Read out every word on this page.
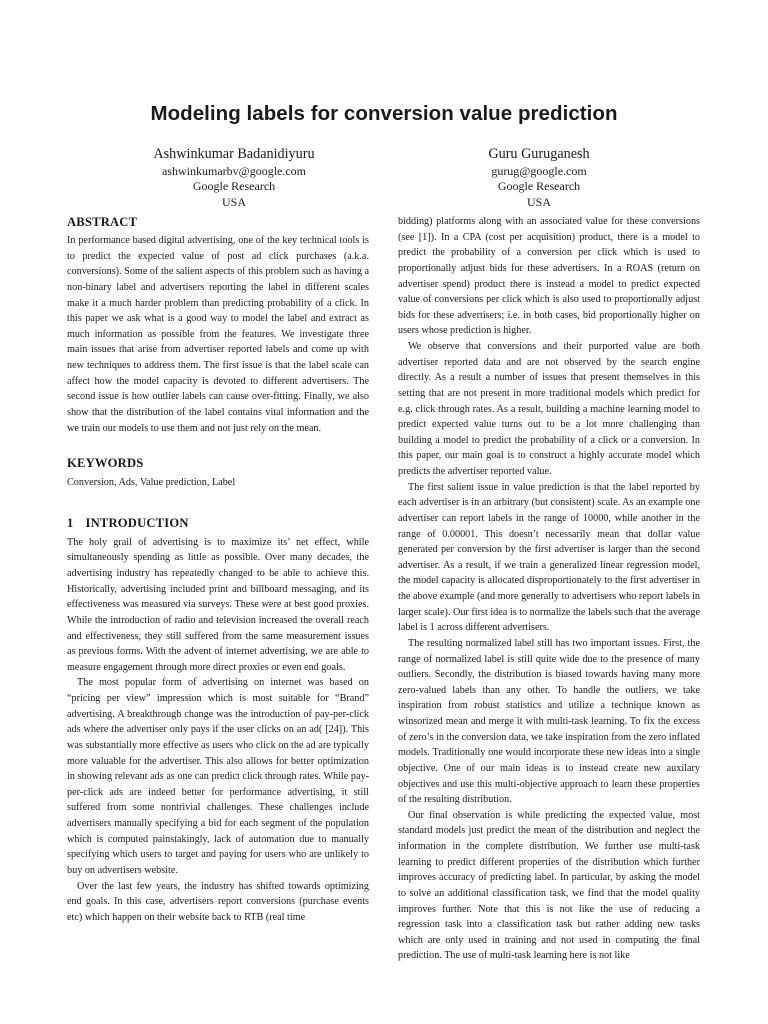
Modeling labels for conversion value prediction
Ashwinkumar Badanidiyuru
ashwinkumarbv@google.com
Google Research
USA
Guru Guruganesh
gurug@google.com
Google Research
USA
ABSTRACT

In performance based digital advertising, one of the key technical tools is to predict the expected value of post ad click purchases (a.k.a. conversions). Some of the salient aspects of this problem such as having a non-binary label and advertisers reporting the label in different scales make it a much harder problem than predicting probability of a click. In this paper we ask what is a good way to model the label and extract as much information as possible from the features. We investigate three main issues that arise from advertiser reported labels and come up with new techniques to address them. The first issue is that the label scale can affect how the model capacity is devoted to different advertisers. The second issue is how outlier labels can cause over-fitting. Finally, we also show that the distribution of the label contains vital information and the we train our models to use them and not just rely on the mean.

KEYWORDS

Conversion, Ads, Value prediction, Label

1 INTRODUCTION

The holy grail of advertising is to maximize its’ net effect, while simultaneously spending as little as possible. Over many decades, the advertising industry has repeatedly changed to be able to achieve this. Historically, advertising included print and billboard messaging, and its effectiveness was measured via surveys. These were at best good proxies. While the introduction of radio and television increased the overall reach and effectiveness, they still suffered from the same measurement issues as previous forms. With the advent of internet advertising, we are able to measure engagement through more direct proxies or even end goals.

The most popular form of advertising on internet was based on “pricing per view” impression which is most suitable for “Brand” advertising. A breakthrough change was the introduction of pay-per-click ads where the advertiser only pays if the user clicks on an ad( [24]). This was substantially more effective as users who click on the ad are typically more valuable for the advertiser. This also allows for better optimization in showing relevant ads as one can predict click through rates. While pay-per-click ads are indeed better for performance advertising, it still suffered from some nontrivial challenges. These challenges include advertisers manually specifying a bid for each segment of the population which is computed painstakingly, lack of automation due to manually specifying which users to target and paying for users who are unlikely to buy on advertisers website.

Over the last few years, the industry has shifted towards optimizing end goals. In this case, advertisers report conversions (purchase events etc) which happen on their website back to RTB (real time

bidding) platforms along with an associated value for these conversions (see [1]). In a CPA (cost per acquisition) product, there is a model to predict the probability of a conversion per click which is used to proportionally adjust bids for these advertisers. In a ROAS (return on advertiser spend) product there is instead a model to predict expected value of conversions per click which is also used to proportionally adjust bids for these advertisers; i.e. in both cases, bid proportionally higher on users whose prediction is higher.

We observe that conversions and their purported value are both advertiser reported data and are not observed by the search engine directly. As a result a number of issues that present themselves in this setting that are not present in more traditional models which predict for e.g. click through rates. As a result, building a machine learning model to predict expected value turns out to be a lot more challenging than building a model to predict the probability of a click or a conversion. In this paper, our main goal is to construct a highly accurate model which predicts the advertiser reported value.

The first salient issue in value prediction is that the label reported by each advertiser is in an arbitrary (but consistent) scale. As an example one advertiser can report labels in the range of 10000, while another in the range of 0.00001. This doesn’t necessarily mean that dollar value generated per conversion by the first advertiser is larger than the second advertiser. As a result, if we train a generalized linear regression model, the model capacity is allocated disproportionately to the first advertiser in the above example (and more generally to advertisers who report labels in larger scale). Our first idea is to normalize the labels such that the average label is 1 across different advertisers.

The resulting normalized label still has two important issues. First, the range of normalized label is still quite wide due to the presence of many outliers. Secondly, the distribution is biased towards having many more zero-valued labels than any other. To handle the outliers, we take inspiration from robust statistics and utilize a technique known as winsorized mean and merge it with multi-task learning. To fix the excess of zero’s in the conversion data, we take inspiration from the zero inflated models. Traditionally one would incorporate these new ideas into a single objective. One of our main ideas is to instead create new auxilary objectives and use this multi-objective approach to learn these properties of the resulting distribution.

Our final observation is while predicting the expected value, most standard models just predict the mean of the distribution and neglect the information in the complete distribution. We further use multi-task learning to predict different properties of the distribution which further improves accuracy of predicting label. In particular, by asking the model to solve an additional classification task, we find that the model quality improves further. Note that this is not like the use of reducing a regression task into a classification task but rather adding new tasks which are only used in training and not used in computing the final prediction. The use of multi-task learning here is not like
